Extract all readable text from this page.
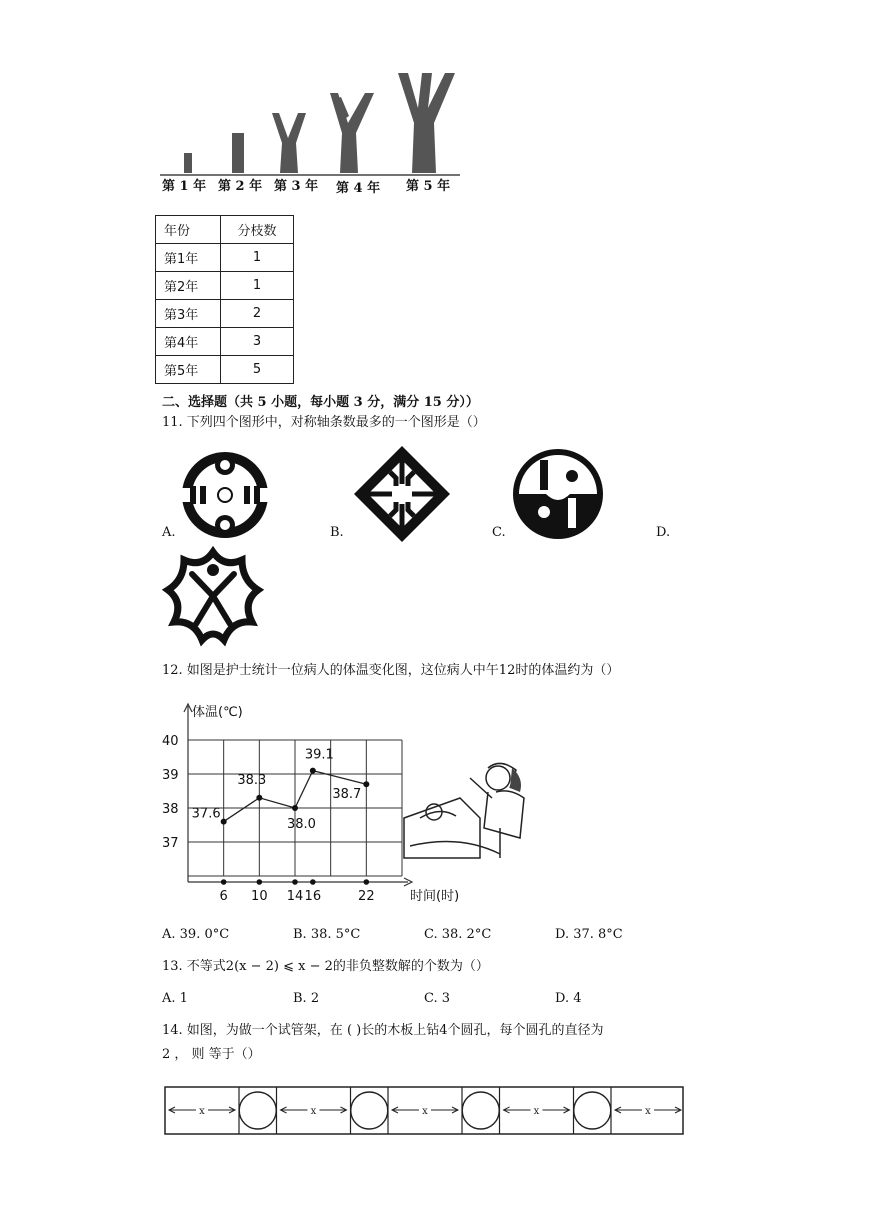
第 1 年 第 2 年 第 3 年 第 4 年 第 5 年
年份	分枝数
第1年	1
第2年	1
第3年	2
第4年	3
第5年	5
二、选择题（共 5 小题，每小题 3 分，满分 15 分））
11. 下列四个图形中，对称轴条数最多的一个图形是（）
A.	B.	C.	D.
12. 如图是护士统计一位病人的体温变化图，这位病人中午12时的体温约为（）
体温(℃)
时间(时)
40
39
38
37
6 10 14 16	22
37.6
38.3
38.0
39.1
38.7
A. 39. 0°C	B. 38. 5°C	C. 38. 2°C	D. 37. 8°C
13. 不等式2(x − 2) ⩽ x − 2的非负整数解的个数为（）
A. 1	B. 2	C. 3	D. 4
14. 如图，为做一个试管架，在 ( )长的木板上钻4个圆孔，每个圆孔的直径为
2 ， 则 等于（）
x	x	x	x	x
